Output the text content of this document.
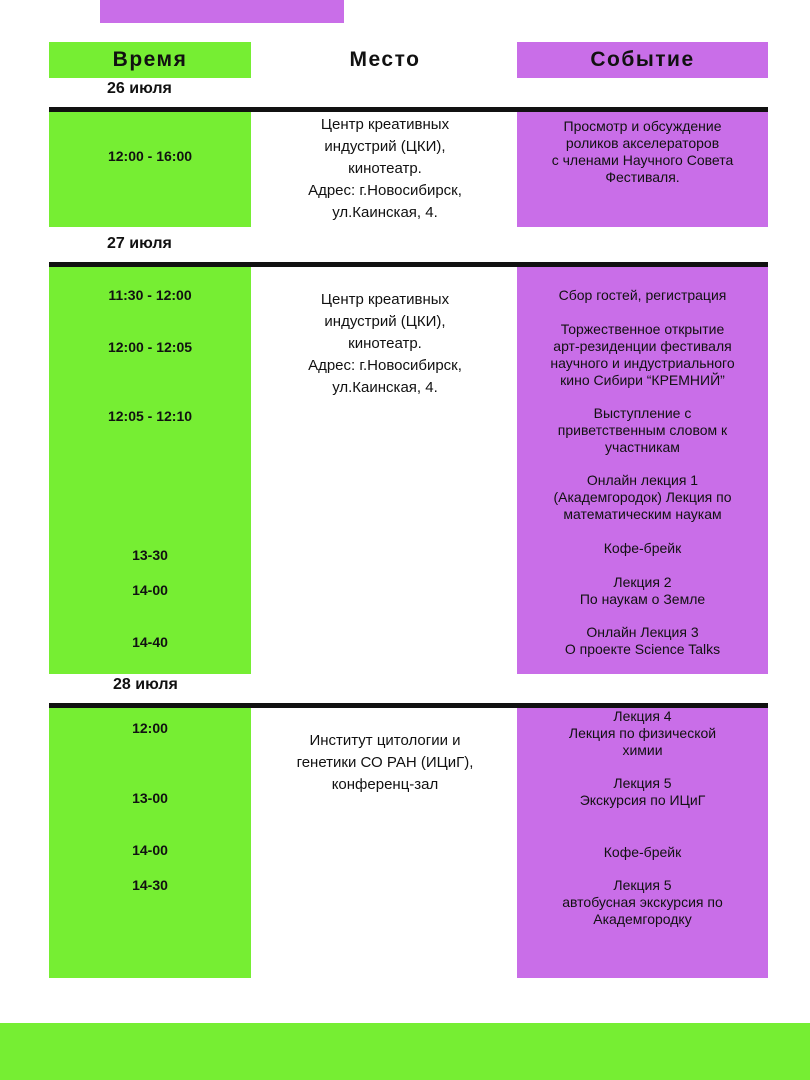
Время	Место	Событие
26 июля
Центр креативных
индустрий (ЦКИ),
кинотеатр.
Адрес: г.Новосибирск,
ул.Каинская, 4.
12:00 - 16:00
Просмотр и обсуждение
роликов акселераторов
с членами Научного Совета
Фестиваля.
27 июля
Центр креативных
индустрий (ЦКИ),
кинотеатр.
Адрес: г.Новосибирск,
ул.Каинская, 4.
11:30 - 12:00
12:00 - 12:05
12:05 - 12:10
13-30
14-00
14-40
Сбор гостей, регистрация
Торжественное открытие
арт-резиденции фестиваля
научного и индустриального
кино Сибири “КРЕМНИЙ”
Выступление с
приветственным словом к
участникам
Онлайн лекция 1
(Академгородок) Лекция по
математическим наукам
Кофе-брейк
Лекция 2
По наукам о Земле
Онлайн Лекция 3
О проекте Science Talks
28 июля
Институт цитологии и
генетики СО РАН (ИЦиГ),
конференц-зал
12:00
13-00
14-00
14-30
Лекция 4
Лекция по физической
химии
Лекция 5
Экскурсия по ИЦиГ
Кофе-брейк
Лекция 5
автобусная экскурсия по
Академгородку
